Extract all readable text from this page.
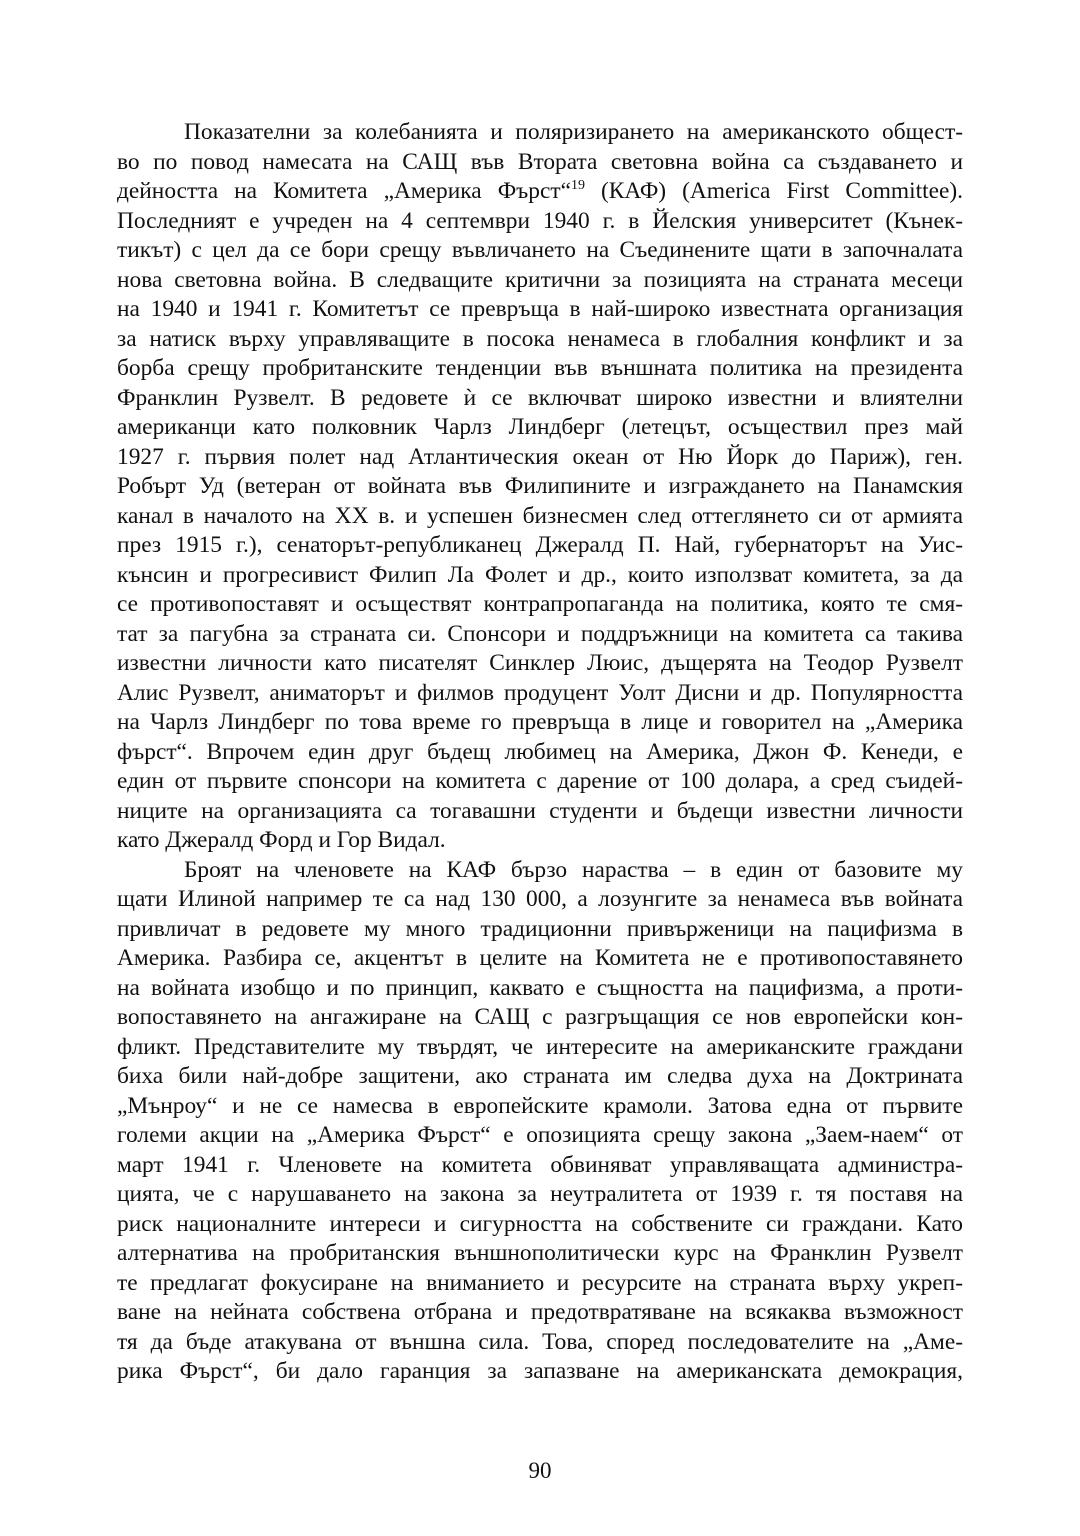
Показателни за колебанията и поляризирането на американското общест-
во по повод намесата на САЩ във Втората световна война са създаването и
дейността на Комитета „Америка Фърст“$^{19}$ (КАФ) (America First Committee).
Последният е учреден на 4 септември 1940 г. в Йелския университет (Кънек-
тикът) с цел да се бори срещу въвличането на Съединените щати в започналата
нова световна война. В следващите критични за позицията на страната месеци
на 1940 и 1941 г. Комитетът се превръща в най-широко известната организация
за натиск върху управляващите в посока ненамеса в глобалния конфликт и за
борба срещу пробританските тенденции във външната политика на президента
Франклин Рузвелт. В редовете ѝ се включват широко известни и влиятелни
американци като полковник Чарлз Линдберг (летецът, осъществил през май
1927 г. първия полет над Атлантическия океан от Ню Йорк до Париж), ген.
Робърт Уд (ветеран от войната във Филипините и изграждането на Панамския
канал в началото на XX в. и успешен бизнесмен след оттеглянето си от армията
през 1915 г.), сенаторът-републиканец Джералд П. Най, губернаторът на Уис-
кънсин и прогресивист Филип Ла Фолет и др., които използват комитета, за да
се противопоставят и осъществят контрапропаганда на политика, която те смя-
тат за пагубна за страната си. Спонсори и поддръжници на комитета са такива
известни личности като писателят Синклер Люис, дъщерята на Теодор Рузвелт
Алис Рузвелт, аниматорът и филмов продуцент Уолт Дисни и др. Популярността
на Чарлз Линдберг по това време го превръща в лице и говорител на „Америка
фърст“. Впрочем един друг бъдещ любимец на Америка, Джон Ф. Кенеди, е
един от първите спонсори на комитета с дарение от 100 долара, а сред съидей-
ниците на организацията са тогавашни студенти и бъдещи известни личности
като Джералд Форд и Гор Видал.
Броят на членовете на КАФ бързо нараства – в един от базовите му
щати Илиной например те са над 130 000, а лозунгите за ненамеса във войната
привличат в редовете му много традиционни привърженици на пацифизма в
Америка. Разбира се, акцентът в целите на Комитета не е противопоставянето
на войната изобщо и по принцип, каквато е същността на пацифизма, а проти-
вопоставянето на ангажиране на САЩ с разгръщащия се нов европейски кон-
фликт. Представителите му твърдят, че интересите на американските граждани
биха били най-добре защитени, ако страната им следва духа на Доктрината
„Мънроу“ и не се намесва в европейските крамоли. Затова една от първите
големи акции на „Америка Фърст“ е опозицията срещу закона „Заем-наем“ от
март 1941 г. Членовете на комитета обвиняват управляващата администра-
цията, че с нарушаването на закона за неутралитета от 1939 г. тя поставя на
риск националните интереси и сигурността на собствените си граждани. Като
алтернатива на пробританския външнополитически курс на Франклин Рузвелт
те предлагат фокусиране на вниманието и ресурсите на страната върху укреп-
ване на нейната собствена отбрана и предотвратяване на всякаква възможност
тя да бъде атакувана от външна сила. Това, според последователите на „Аме-
рика Фърст“, би дало гаранция за запазване на американската демокрация,
90
